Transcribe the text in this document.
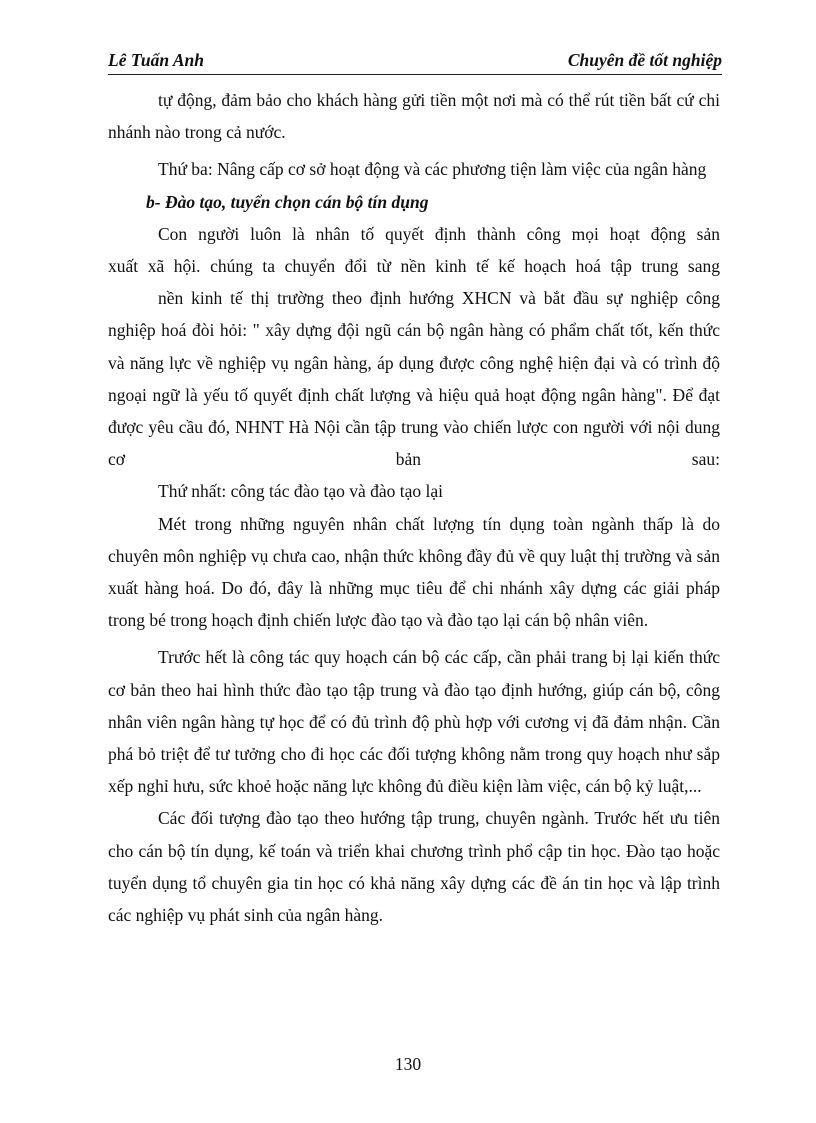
Lê Tuấn Anh	Chuyên đề tốt nghiệp

tự động, đảm bảo cho khách hàng gửi tiền một nơi mà có thể rút tiền bất cứ chi nhánh nào trong cả nước.

Thứ ba: Nâng cấp cơ sở hoạt động và các phương tiện làm việc của ngân hàng

b- Đào tạo, tuyển chọn cán bộ tín dụng

Con người luôn là nhân tố quyết định thành công mọi hoạt động sản

xuất xã hội. chúng ta chuyển đổi từ nền kinh tế kế hoạch hoá tập trung sang

nền kinh tế thị trường theo định hướng XHCN và bắt đầu sự nghiệp công nghiệp hoá đòi hỏi: " xây dựng đội ngũ cán bộ ngân hàng có phẩm chất tốt, kến thức và năng lực về nghiệp vụ ngân hàng, áp dụng được công nghệ hiện đại và có trình độ ngoại ngữ là yếu tố quyết định chất lượng và hiệu quả hoạt động ngân hàng". Để đạt được yêu cầu đó, NHNT Hà Nội cần tập trung vào chiến lược con người với nội dung cơ bản sau:

Thứ nhất: công tác đào tạo và đào tạo lại

Mét trong những nguyên nhân chất lượng tín dụng toàn ngành thấp là do chuyên môn nghiệp vụ chưa cao, nhận thức không đầy đủ về quy luật thị trường và sản xuất hàng hoá. Do đó, đây là những mục tiêu để chi nhánh xây dựng các giải pháp trong bé trong hoạch định chiến lược đào tạo và đào tạo lại cán bộ nhân viên.

Trước hết là công tác quy hoạch cán bộ các cấp, cần phải trang bị lại kiến thức cơ bản theo hai hình thức đào tạo tập trung và đào tạo định hướng, giúp cán bộ, công nhân viên ngân hàng tự học để có đủ trình độ phù hợp với cương vị đã đảm nhận. Cần phá bỏ triệt để tư tưởng cho đi học các đối tượng không nằm trong quy hoạch như sắp xếp nghỉ hưu, sức khoẻ hoặc năng lực không đủ điều kiện làm việc, cán bộ kỷ luật,...

Các đối tượng đào tạo theo hướng tập trung, chuyên ngành. Trước hết ưu tiên cho cán bộ tín dụng, kế toán và triển khai chương trình phổ cập tin học. Đào tạo hoặc tuyển dụng tổ chuyên gia tin học có khả năng xây dựng các đề án tin học và lập trình các nghiệp vụ phát sinh của ngân hàng.

130
